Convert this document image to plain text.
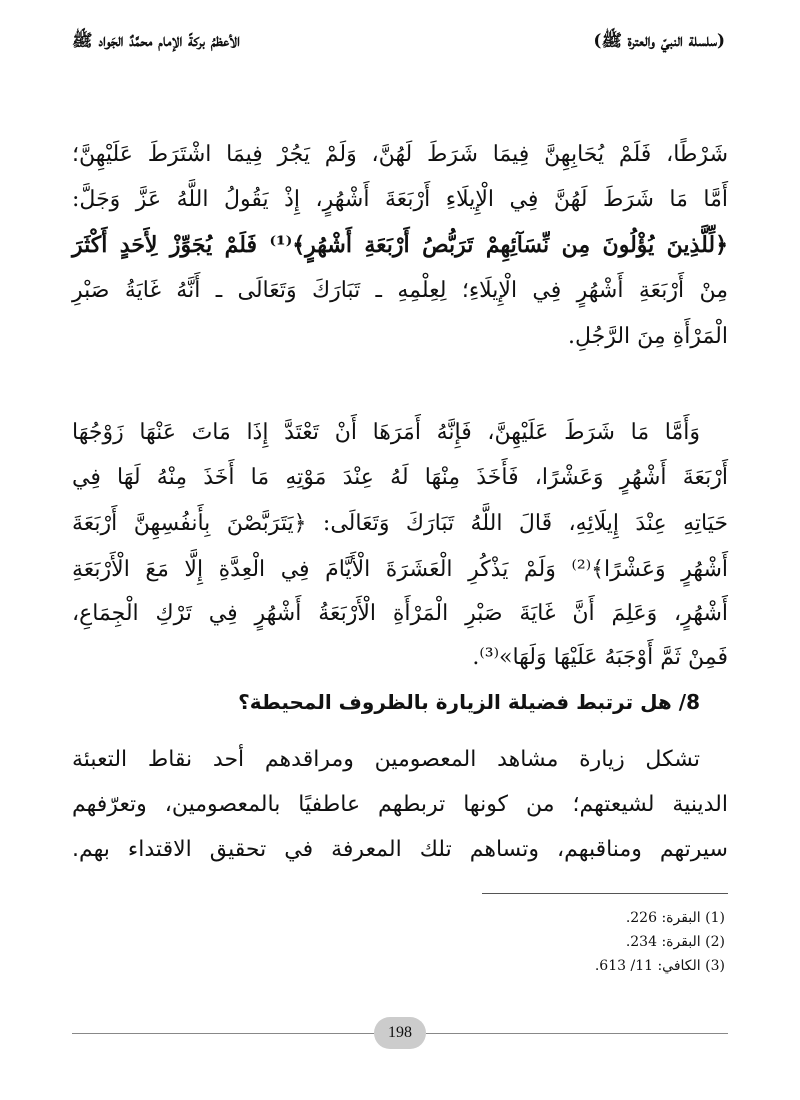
الأعظمُ بركةً الإمام محمَّدٌ الجَواد ﷺ	(سلسلة النبيّ والعترة ﷺ)
شَرْطًا، فَلَمْ يُحَابِهِنَّ فِيمَا شَرَطَ لَهُنَّ، وَلَمْ يَجُرْ فِيمَا اشْتَرَطَ عَلَيْهِنَّ؛
أَمَّا مَا شَرَطَ لَهُنَّ فِي الْإِيلَاءِ أَرْبَعَةَ أَشْهُرٍ، إِذْ يَقُولُ اللَّهُ عَزَّ وَجَلَّ:
﴿لِّلَّذِينَ يُؤْلُونَ مِن نِّسَآئِهِمْ تَرَبُّصُ أَرْبَعَةِ أَشْهُرٍ﴾⁽¹⁾ فَلَمْ يُجَوِّزْ لِأَحَدٍ أَكْثَرَ
مِنْ أَرْبَعَةِ أَشْهُرٍ فِي الْإِيلَاءِ؛ لِعِلْمِهِ ـ تَبَارَكَ وَتَعَالَى ـ أَنَّهُ غَايَةُ صَبْرِ
الْمَرْأَةِ مِنَ الرَّجُلِ.
وَأَمَّا مَا شَرَطَ عَلَيْهِنَّ، فَإِنَّهُ أَمَرَهَا أَنْ تَعْتَدَّ إِذَا مَاتَ عَنْهَا زَوْجُهَا
أَرْبَعَةَ أَشْهُرٍ وَعَشْرًا، فَأَخَذَ مِنْهَا لَهُ عِنْدَ مَوْتِهِ مَا أَخَذَ مِنْهُ لَهَا فِي
حَيَاتِهِ عِنْدَ إِيلَائِهِ، قَالَ اللَّهُ تَبَارَكَ وَتَعَالَى: ﴿يَتَرَبَّصْنَ بِأَنفُسِهِنَّ أَرْبَعَةَ
أَشْهُرٍ وَعَشْرًا﴾⁽²⁾ وَلَمْ يَذْكُرِ الْعَشَرَةَ الْأَيَّامَ فِي الْعِدَّةِ إِلَّا مَعَ الْأَرْبَعَةِ
أَشْهُرٍ، وَعَلِمَ أَنَّ غَايَةَ صَبْرِ الْمَرْأَةِ الْأَرْبَعَةُ أَشْهُرٍ فِي تَرْكِ الْجِمَاعِ،
فَمِنْ ثَمَّ أَوْجَبَهُ عَلَيْهَا وَلَهَا»⁽³⁾.
8/ هل ترتبط فضيلة الزيارة بالظروف المحيطة؟
تشكل زيارة مشاهد المعصومين ومراقدهم أحد نقاط التعبئة
الدينية لشيعتهم؛ من كونها تربطهم عاطفيًا بالمعصومين، وتعرّفهم
سيرتهم ومناقبهم، وتساهم تلك المعرفة في تحقيق الاقتداء بهم.
(1) البقرة: 226.
(2) البقرة: 234.
(3) الكافي: 11/ 613.
198
